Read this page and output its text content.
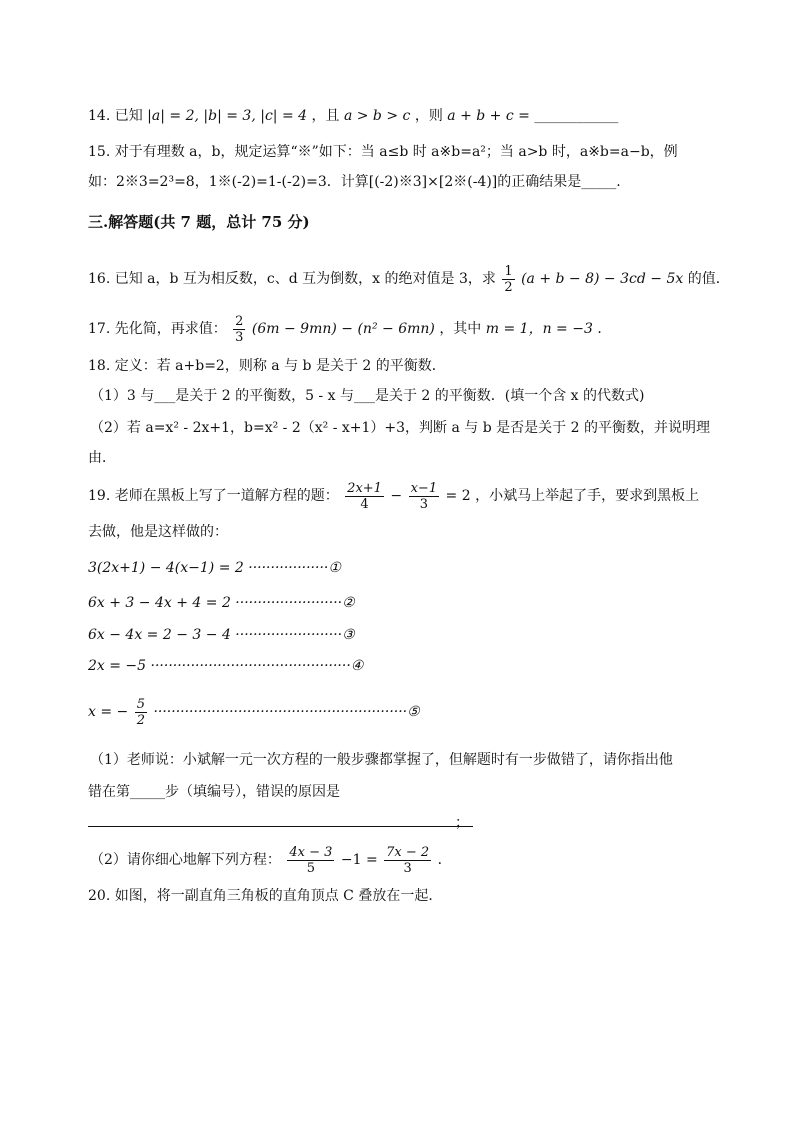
14. 已知 |a| = 2, |b| = 3, |c| = 4 ，且 a > b > c ，则 a + b + c = ____________
15. 对于有理数 a，b，规定运算“※”如下：当 a≤b 时 a※b=a²；当 a>b 时，a※b=a−b，例
如：2※3=2³=8，1※(-2)=1-(-2)=3．计算[(-2)※3]×[2※(-4)]的正确结果是_____.
三.解答题(共 7 题，总计 75 分)
16. 已知 a，b 互为相反数，c、d 互为倒数，x 的绝对值是 3，求 $\frac{1}{2} (a + b - 8) - 3cd - 5x$ 的值．
17. 先化简，再求值： $\frac{2}{3} (6m - 9mn) - (n^2 - 6mn)$ ，其中 m = 1，n = −3 ．
18. 定义：若 a+b=2，则称 a 与 b 是关于 2 的平衡数．
（1）3 与___是关于 2 的平衡数，5 - x 与___是关于 2 的平衡数．(填一个含 x 的代数式)
（2）若 a=x² - 2x+1，b=x² - 2（x² - x+1）+3，判断 a 与 b 是否是关于 2 的平衡数，并说明理
由．
19. 老师在黑板上写了一道解方程的题： $\frac{2x+1}{4} - \frac{x-1}{3} = 2$ ，小斌马上举起了手，要求到黑板上
去做，他是这样做的：
3(2x+1) − 4(x−1) = 2 ··················①
6x + 3 − 4x + 4 = 2 ························②
6x − 4x = 2 − 3 − 4 ························③
2x = −5 ·············································④
x = − $\frac{5}{2}$ ·························································⑤
（1）老师说：小斌解一元一次方程的一般步骤都掌握了，但解题时有一步做错了，请你指出他
错在第_____步（填编号），错误的原因是
；
（2）请你细心地解下列方程： $\frac{4x - 3}{5} -1 = \frac{7x - 2}{3}$ ．
20. 如图，将一副直角三角板的直角顶点 C 叠放在一起．
